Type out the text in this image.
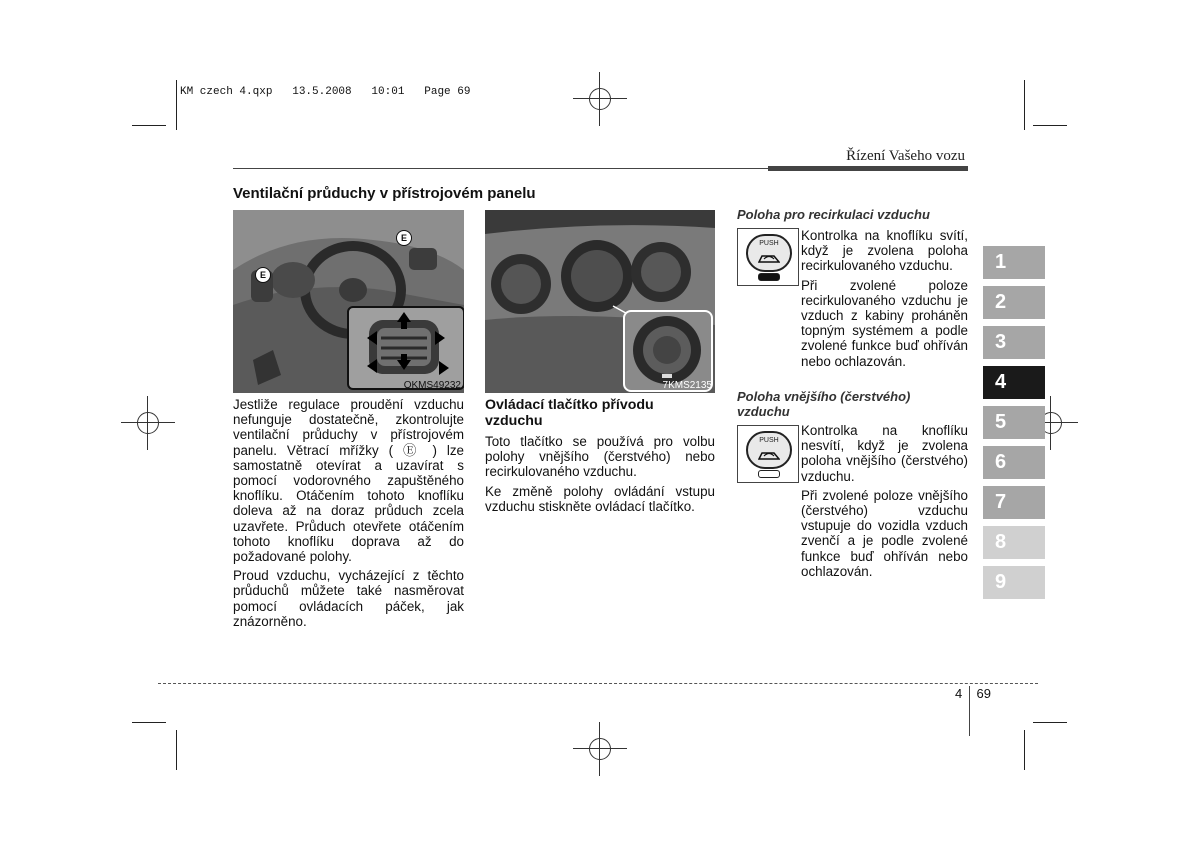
KM czech 4.qxp   13.5.2008   10:01   Page 69
Řízení Vašeho vozu
Ventilační průduchy v přístrojovém panelu
E
E
OKMS49232

Jestliže regulace proudění vzduchu nefunguje dostatečně, zkontrolujte ventilační průduchy v přístrojovém panelu. Větrací mřížky ( Ⓔ ) lze samostatně otevírat a uzavírat s pomocí vodorovného zapuštěného knoflíku. Otáčením tohoto knoflíku doleva až na doraz průduch zcela uzavřete. Průduch otevřete otáčením tohoto knoflíku doprava až do požadované polohy.

Proud vzduchu, vycházející z těchto průduchů můžete také nasměrovat pomocí ovládacích páček, jak znázorněno.

7KMS2135
Ovládací tlačítko přívodu vzduchu

Toto tlačítko se používá pro volbu polohy vnějšího (čerstvého) nebo recirkulovaného vzduchu.

Ke změně polohy ovládání vstupu vzduchu stiskněte ovládací tlačítko.

Poloha pro recirkulaci vzduchu
PUSH

Kontrolka na knoflíku svítí, když je zvolena poloha recirkulovaného vzduchu.

Při zvolené poloze recirkulovaného vzduchu je vzduch z kabiny proháněn topným systémem a podle zvolené funkce buď ohříván nebo ochlazován.

Poloha vnějšího (čerstvého) vzduchu
PUSH

Kontrolka na knoflíku nesvítí, když je zvolena poloha vnějšího (čerstvého) vzduchu.

Při zvolené poloze vnějšího (čerstvého) vzduchu vstupuje do vozidla vzduch zvenčí a je podle zvolené funkce buď ohříván nebo ochlazován.

1
2
3
4
5
6
7
8
9
4 69
